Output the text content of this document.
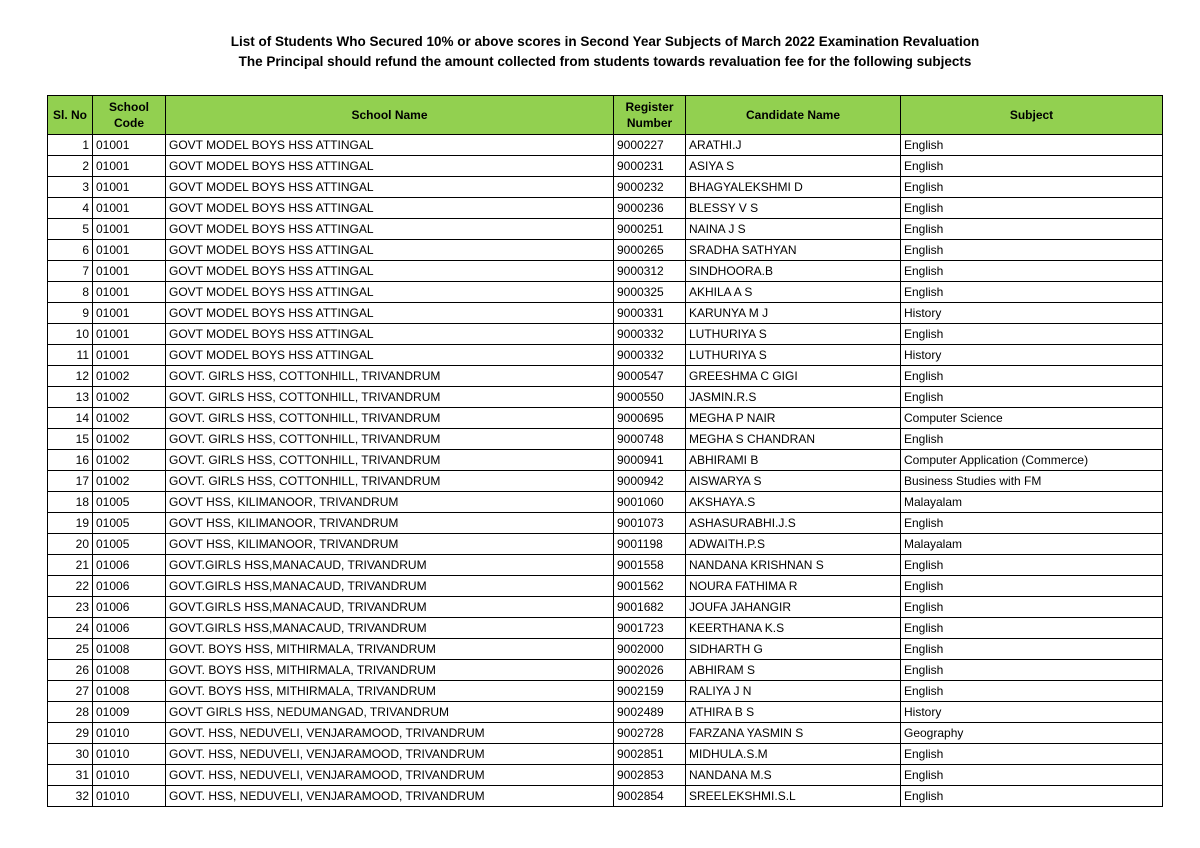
List of Students Who Secured 10% or above scores in Second Year Subjects of March 2022 Examination Revaluation
The Principal should refund the amount collected from students towards revaluation fee for the following subjects
Sl. No	School Code	School Name	Register Number	Candidate Name	Subject
1	01001	GOVT MODEL BOYS HSS ATTINGAL	9000227	ARATHI.J	English
2	01001	GOVT MODEL BOYS HSS ATTINGAL	9000231	ASIYA S	English
3	01001	GOVT MODEL BOYS HSS ATTINGAL	9000232	BHAGYALEKSHMI D	English
4	01001	GOVT MODEL BOYS HSS ATTINGAL	9000236	BLESSY V S	English
5	01001	GOVT MODEL BOYS HSS ATTINGAL	9000251	NAINA J S	English
6	01001	GOVT MODEL BOYS HSS ATTINGAL	9000265	SRADHA SATHYAN	English
7	01001	GOVT MODEL BOYS HSS ATTINGAL	9000312	SINDHOORA.B	English
8	01001	GOVT MODEL BOYS HSS ATTINGAL	9000325	AKHILA A S	English
9	01001	GOVT MODEL BOYS HSS ATTINGAL	9000331	KARUNYA M J	History
10	01001	GOVT MODEL BOYS HSS ATTINGAL	9000332	LUTHURIYA S	English
11	01001	GOVT MODEL BOYS HSS ATTINGAL	9000332	LUTHURIYA S	History
12	01002	GOVT. GIRLS HSS, COTTONHILL, TRIVANDRUM	9000547	GREESHMA C GIGI	English
13	01002	GOVT. GIRLS HSS, COTTONHILL, TRIVANDRUM	9000550	JASMIN.R.S	English
14	01002	GOVT. GIRLS HSS, COTTONHILL, TRIVANDRUM	9000695	MEGHA P NAIR	Computer Science
15	01002	GOVT. GIRLS HSS, COTTONHILL, TRIVANDRUM	9000748	MEGHA S CHANDRAN	English
16	01002	GOVT. GIRLS HSS, COTTONHILL, TRIVANDRUM	9000941	ABHIRAMI B	Computer Application (Commerce)
17	01002	GOVT. GIRLS HSS, COTTONHILL, TRIVANDRUM	9000942	AISWARYA S	Business Studies with FM
18	01005	GOVT HSS, KILIMANOOR, TRIVANDRUM	9001060	AKSHAYA.S	Malayalam
19	01005	GOVT HSS, KILIMANOOR, TRIVANDRUM	9001073	ASHASURABHI.J.S	English
20	01005	GOVT HSS, KILIMANOOR, TRIVANDRUM	9001198	ADWAITH.P.S	Malayalam
21	01006	GOVT.GIRLS HSS,MANACAUD, TRIVANDRUM	9001558	NANDANA KRISHNAN S	English
22	01006	GOVT.GIRLS HSS,MANACAUD, TRIVANDRUM	9001562	NOURA FATHIMA R	English
23	01006	GOVT.GIRLS HSS,MANACAUD, TRIVANDRUM	9001682	JOUFA JAHANGIR	English
24	01006	GOVT.GIRLS HSS,MANACAUD, TRIVANDRUM	9001723	KEERTHANA K.S	English
25	01008	GOVT. BOYS HSS, MITHIRMALA, TRIVANDRUM	9002000	SIDHARTH G	English
26	01008	GOVT. BOYS HSS, MITHIRMALA, TRIVANDRUM	9002026	ABHIRAM S	English
27	01008	GOVT. BOYS HSS, MITHIRMALA, TRIVANDRUM	9002159	RALIYA J N	English
28	01009	GOVT GIRLS HSS, NEDUMANGAD, TRIVANDRUM	9002489	ATHIRA B S	History
29	01010	GOVT. HSS, NEDUVELI, VENJARAMOOD, TRIVANDRUM	9002728	FARZANA YASMIN S	Geography
30	01010	GOVT. HSS, NEDUVELI, VENJARAMOOD, TRIVANDRUM	9002851	MIDHULA.S.M	English
31	01010	GOVT. HSS, NEDUVELI, VENJARAMOOD, TRIVANDRUM	9002853	NANDANA M.S	English
32	01010	GOVT. HSS, NEDUVELI, VENJARAMOOD, TRIVANDRUM	9002854	SREELEKSHMI.S.L	English
